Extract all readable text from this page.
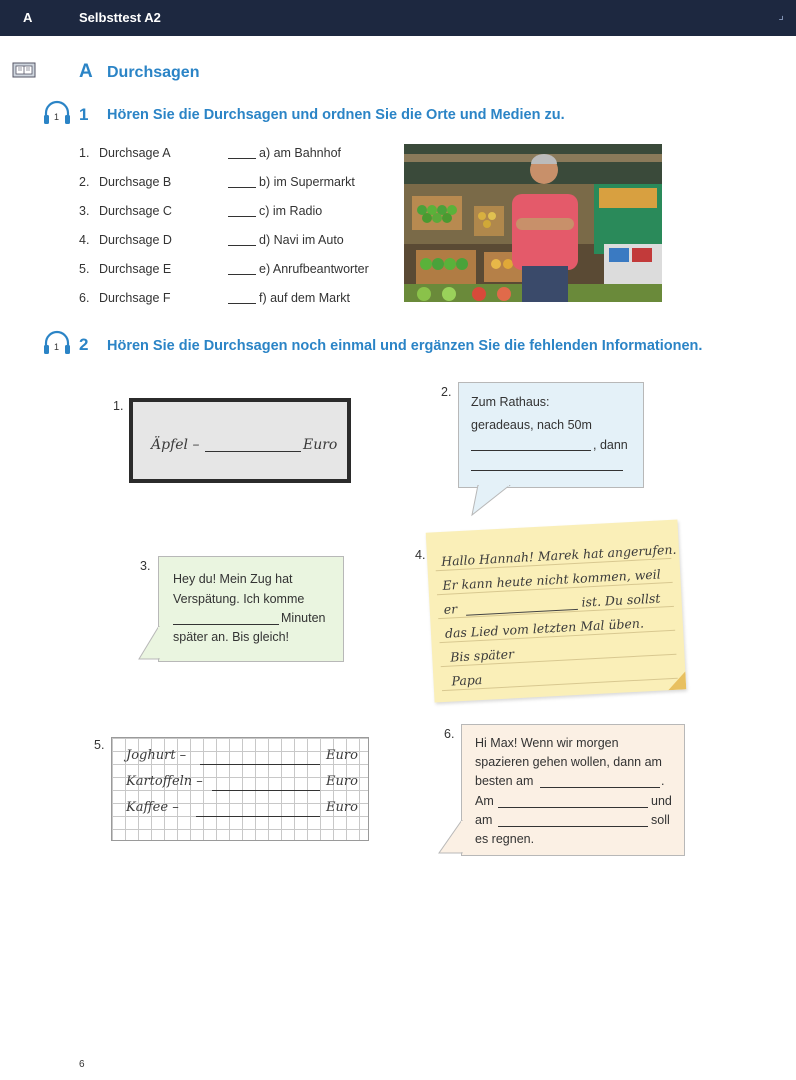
A	Selbsttest A2	⌟
A Durchsagen
1 1 Hören Sie die Durchsagen und ordnen Sie die Orte und Medien zu.
1. Durchsage A	a) am Bahnhof
2. Durchsage B	b) im Supermarkt
3. Durchsage C	c) im Radio
4. Durchsage D	d) Navi im Auto
5. Durchsage E	e) Anrufbeantworter
6. Durchsage F	f) auf dem Markt
1 2 Hören Sie die Durchsagen noch einmal und ergänzen Sie die fehlenden Informationen.
1.
Äpfel –	Euro
2.
Zum Rathaus:
geradeaus, nach 50m
, dann
3.
Hey du! Mein Zug hat
Verspätung. Ich komme
Minuten
später an. Bis gleich!
4. Hallo Hannah! Marek hat angerufen.
Er kann heute nicht kommen, weil
er	ist. Du sollst
das Lied vom letzten Mal üben.
Bis später
Papa
5.
Joghurt –	Euro
Kartoffeln –	Euro
Kaffee –	Euro
6.
Hi Max! Wenn wir morgen
spazieren gehen wollen, dann am
besten am	.
Am	und
am	soll
es regnen.
6
